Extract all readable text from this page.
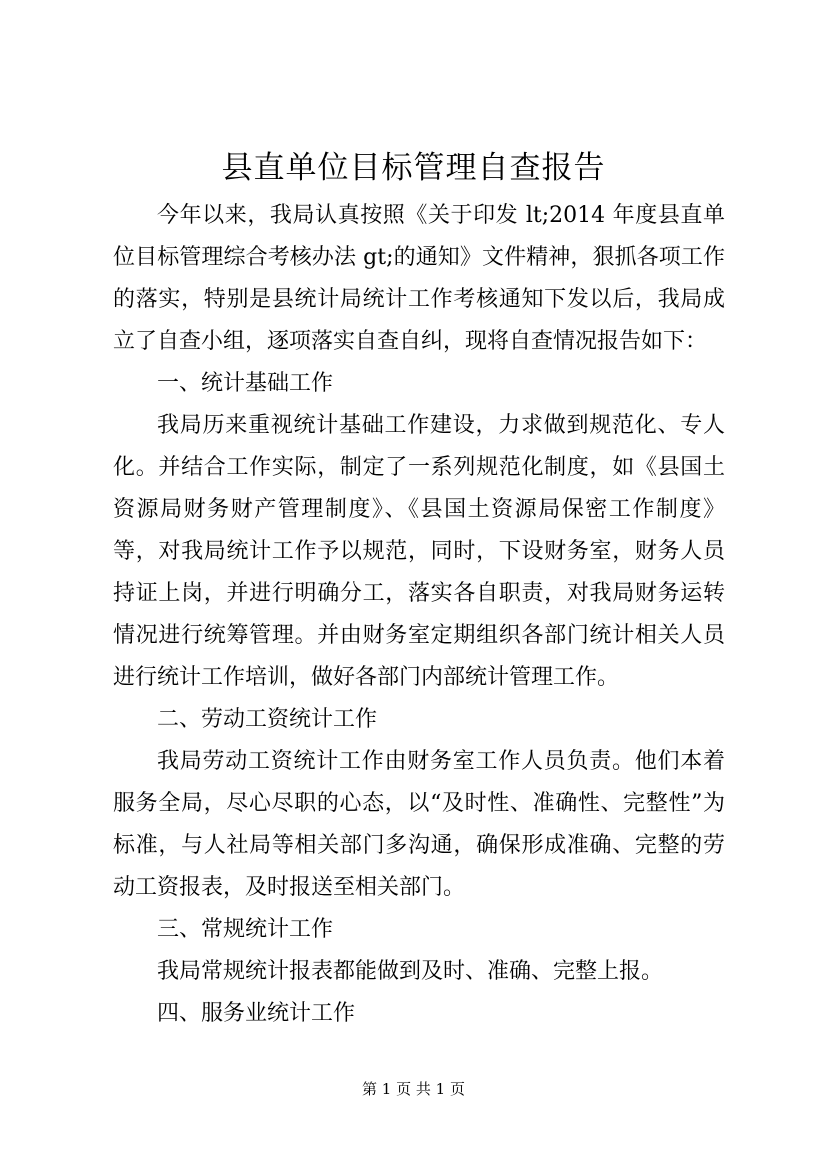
县直单位目标管理自查报告

今年以来，我局认真按照《关于印发 lt;2014 年度县直单位目标管理综合考核办法 gt;的通知》文件精神，狠抓各项工作的落实，特别是县统计局统计工作考核通知下发以后，我局成立了自查小组，逐项落实自查自纠，现将自查情况报告如下：

一、统计基础工作

我局历来重视统计基础工作建设，力求做到规范化、专人化。并结合工作实际，制定了一系列规范化制度，如《县国土资源局财务财产管理制度》、《县国土资源局保密工作制度》等，对我局统计工作予以规范，同时，下设财务室，财务人员持证上岗，并进行明确分工，落实各自职责，对我局财务运转情况进行统筹管理。并由财务室定期组织各部门统计相关人员进行统计工作培训，做好各部门内部统计管理工作。

二、劳动工资统计工作

我局劳动工资统计工作由财务室工作人员负责。他们本着服务全局，尽心尽职的心态，以“及时性、准确性、完整性”为标准，与人社局等相关部门多沟通，确保形成准确、完整的劳动工资报表，及时报送至相关部门。

三、常规统计工作

我局常规统计报表都能做到及时、准确、完整上报。

四、服务业统计工作

第 1 页 共 1 页
